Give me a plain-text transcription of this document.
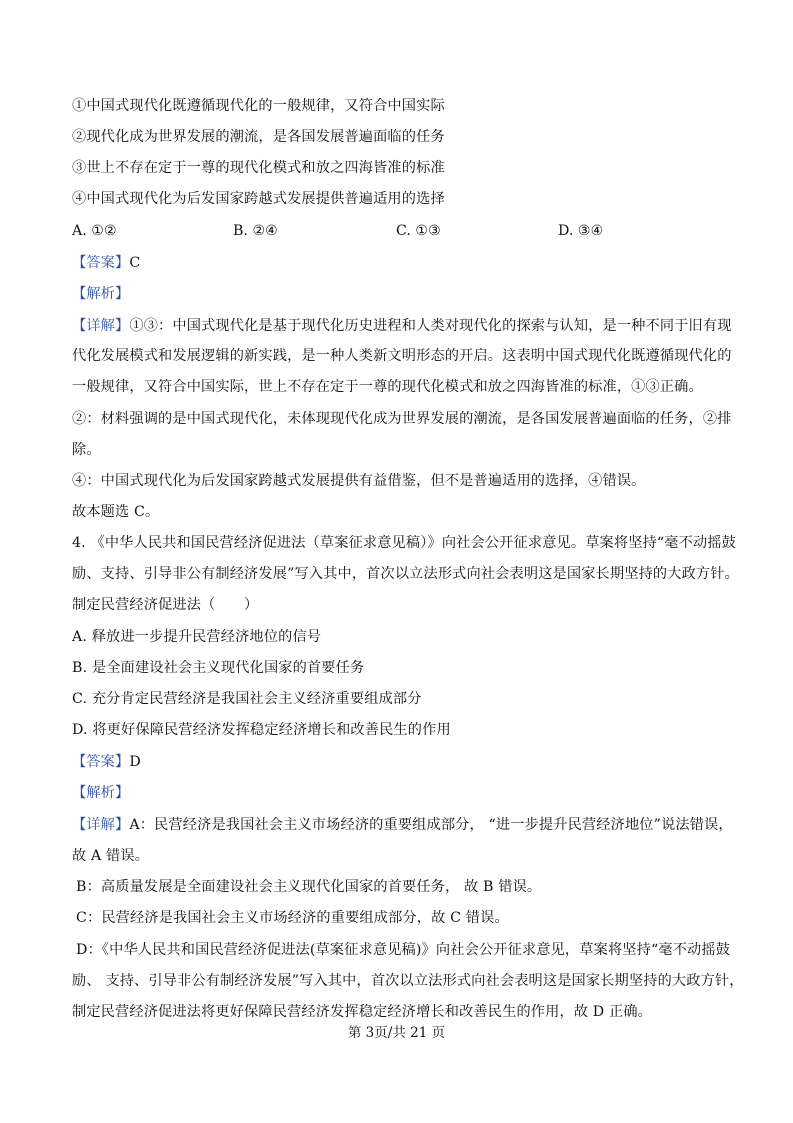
①中国式现代化既遵循现代化的一般规律，又符合中国实际
②现代化成为世界发展的潮流，是各国发展普遍面临的任务
③世上不存在定于一尊的现代化模式和放之四海皆准的标准
④中国式现代化为后发国家跨越式发展提供普遍适用的选择
A. ①②	B. ②④	C. ①③	D. ③④
【答案】C
【解析】
【详解】①③：中国式现代化是基于现代化历史进程和人类对现代化的探索与认知，是一种不同于旧有现
代化发展模式和发展逻辑的新实践，是一种人类新文明形态的开启。这表明中国式现代化既遵循现代化的
一般规律，又符合中国实际，世上不存在定于一尊的现代化模式和放之四海皆准的标准，①③正确。
②：材料强调的是中国式现代化，未体现现代化成为世界发展的潮流，是各国发展普遍面临的任务，②排
除。
④：中国式现代化为后发国家跨越式发展提供有益借鉴，但不是普遍适用的选择，④错误。
故本题选 C。
4. 《中华人民共和国民营经济促进法（草案征求意见稿）》向社会公开征求意见。草案将坚持“毫不动摇鼓
励、支持、引导非公有制经济发展”写入其中，首次以立法形式向社会表明这是国家长期坚持的大政方针。
制定民营经济促进法（　　）
A. 释放进一步提升民营经济地位的信号
B. 是全面建设社会主义现代化国家的首要任务
C. 充分肯定民营经济是我国社会主义经济重要组成部分
D. 将更好保障民营经济发挥稳定经济增长和改善民生的作用
【答案】D
【解析】
【详解】A：民营经济是我国社会主义市场经济的重要组成部分， “进一步提升民营经济地位”说法错误，
故 A 错误。
B：高质量发展是全面建设社会主义现代化国家的首要任务， 故 B 错误。
C：民营经济是我国社会主义市场经济的重要组成部分，故 C 错误。
D：《中华人民共和国民营经济促进法(草案征求意见稿)》向社会公开征求意见，草案将坚持“毫不动摇鼓
励、 支持、引导非公有制经济发展”写入其中，首次以立法形式向社会表明这是国家长期坚持的大政方针，
制定民营经济促进法将更好保障民营经济发挥稳定经济增长和改善民生的作用，故 D 正确。
第 3页/共 21 页
